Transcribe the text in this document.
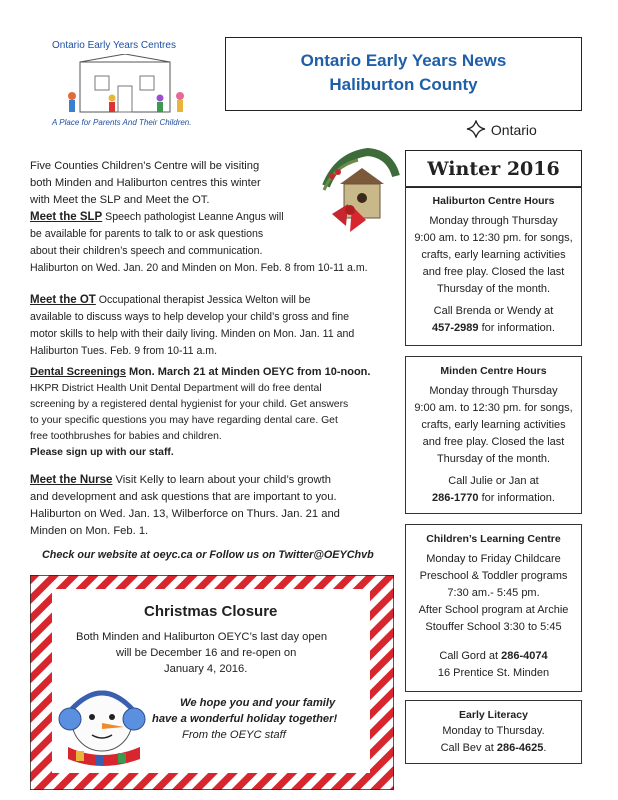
Ontario Early Years Centres
A Place for Parents And Their Children.
Ontario Early Years News
Haliburton County
Ontario
Five Counties Children’s Centre will be visiting
both Minden and Haliburton centres this winter
with Meet the SLP and Meet the OT.
Meet the SLP Speech pathologist Leanne Angus will
be available for parents to talk to or ask questions
about their children’s speech and communication.
Haliburton on Wed. Jan. 20 and Minden on Mon. Feb. 8 from 10-11 a.m.
Meet the OT Occupational therapist Jessica Welton will be
available to discuss ways to help develop your child’s gross and fine
motor skills to help with their daily living. Minden on Mon. Jan. 11 and
Haliburton Tues. Feb. 9 from 10-11 a.m.
Dental Screenings Mon. March 21 at Minden OEYC from 10-noon.
HKPR District Health Unit Dental Department will do free dental
screening by a registered dental hygienist for your child. Get answers
to your specific questions you may have regarding dental care. Get
free toothbrushes for babies and children.
Please sign up with our staff.
Meet the Nurse Visit Kelly to learn about your child’s growth
and development and ask questions that are important to you.
Haliburton on Wed. Jan. 13, Wilberforce on Thurs. Jan. 21 and
Minden on Mon. Feb. 1.
Check our website at oeyc.ca or Follow us on Twitter@OEYChvb
Christmas Closure
Both Minden and Haliburton OEYC’s last day open
will be December 16 and re-open on
January 4, 2016.
We hope you and your family
have a wonderful holiday together!
From the OEYC staff
Winter 2016
Haliburton Centre Hours

Monday through Thursday

9:00 am. to 12:30 pm. for songs,

crafts, early learning activities

and free play. Closed the last

Thursday of the month.

Call Brenda or Wendy at

457-2989 for information.

Minden Centre Hours

Monday through Thursday

9:00 am. to 12:30 pm. for songs,

crafts, early learning activities

and free play. Closed the last

Thursday of the month.

Call Julie or Jan at

286-1770 for information.

Children’s Learning Centre

Monday to Friday Childcare

Preschool & Toddler programs

7:30 am.- 5:45 pm.

After School program at Archie

Stouffer School 3:30 to 5:45

Call Gord at 286-4074

16 Prentice St. Minden

Early Literacy

Monday to Thursday.

Call Bev at 286-4625.
